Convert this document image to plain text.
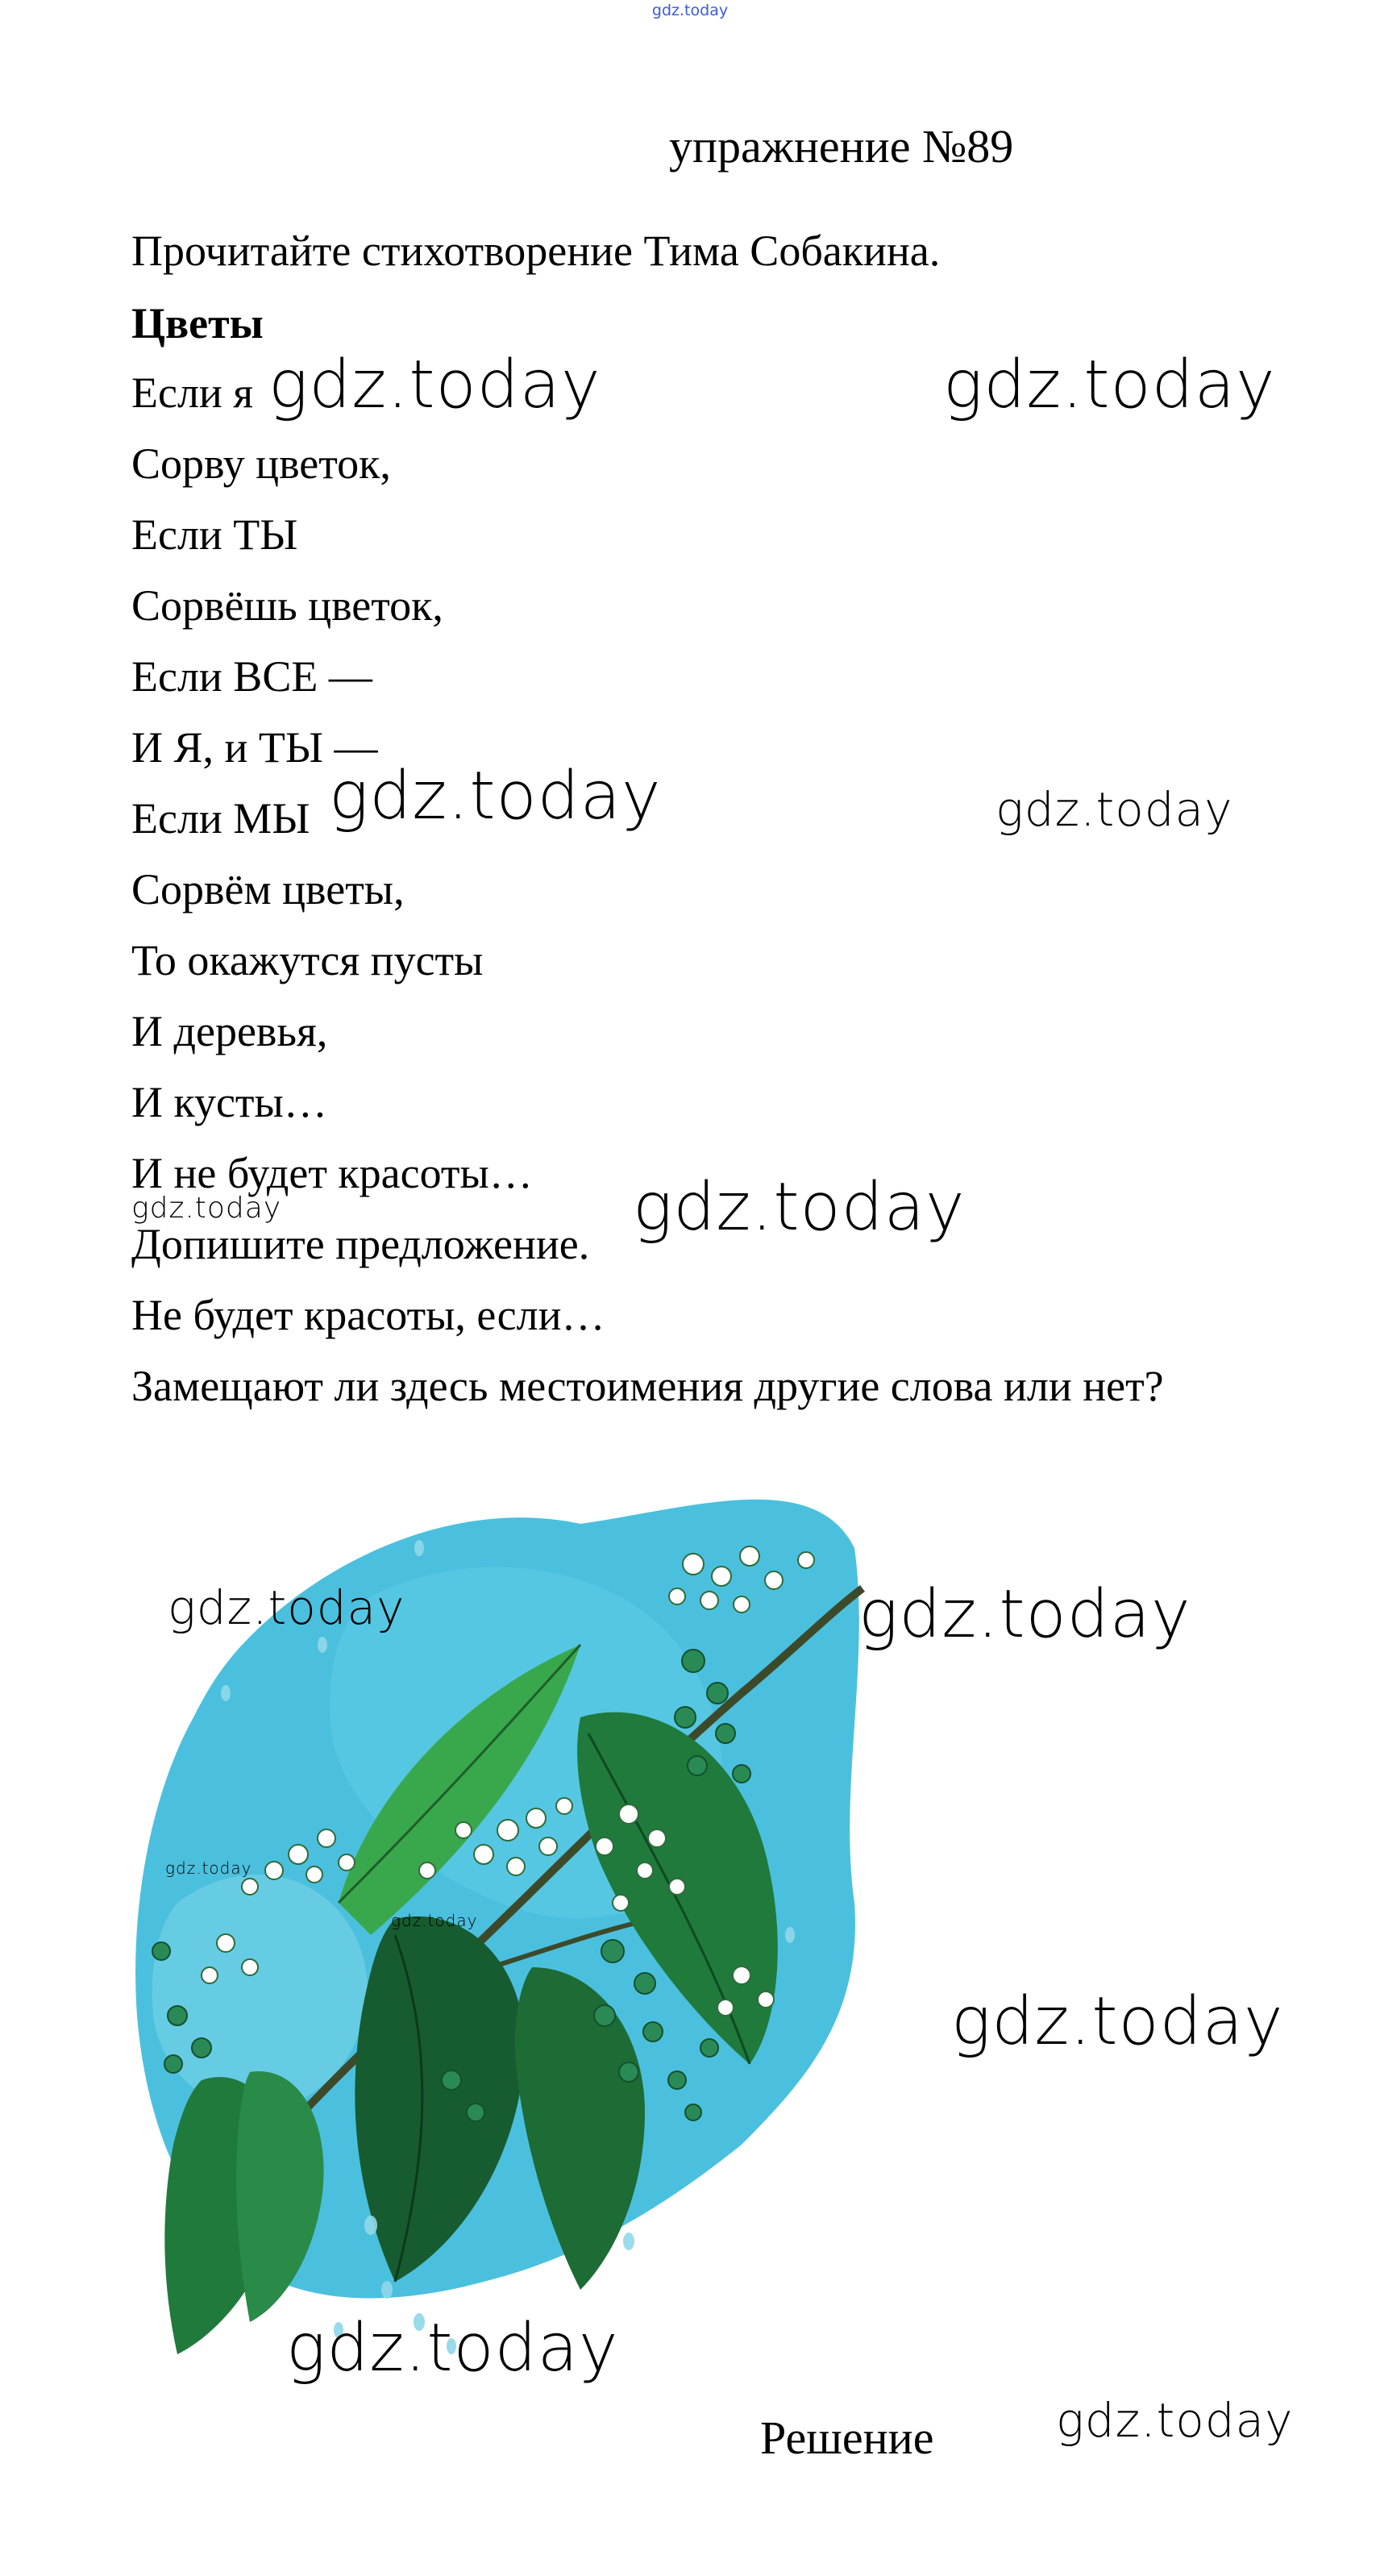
gdz.today
упражнение №89
Прочитайте стихотворение Тима Собакина.
Цветы
Если я
Сорву цветок,
Если ТЫ
Сорвёшь цветок,
Если ВСЕ —
И Я, и ТЫ —
Если МЫ
Сорвём цветы,
То окажутся пусты
И деревья,
И кусты…
И не будет красоты…
Допишите предложение.
Не будет красоты, если…
Замещают ли здесь местоимения другие слова или нет?
gdz.today	gdz.today
gdz.today	gdz.today
gdz.today	gdz.today
gdz.today	gdz.today
gdz.today
gdz.today
gdz.today
gdz.today
gdz.today
Решение
